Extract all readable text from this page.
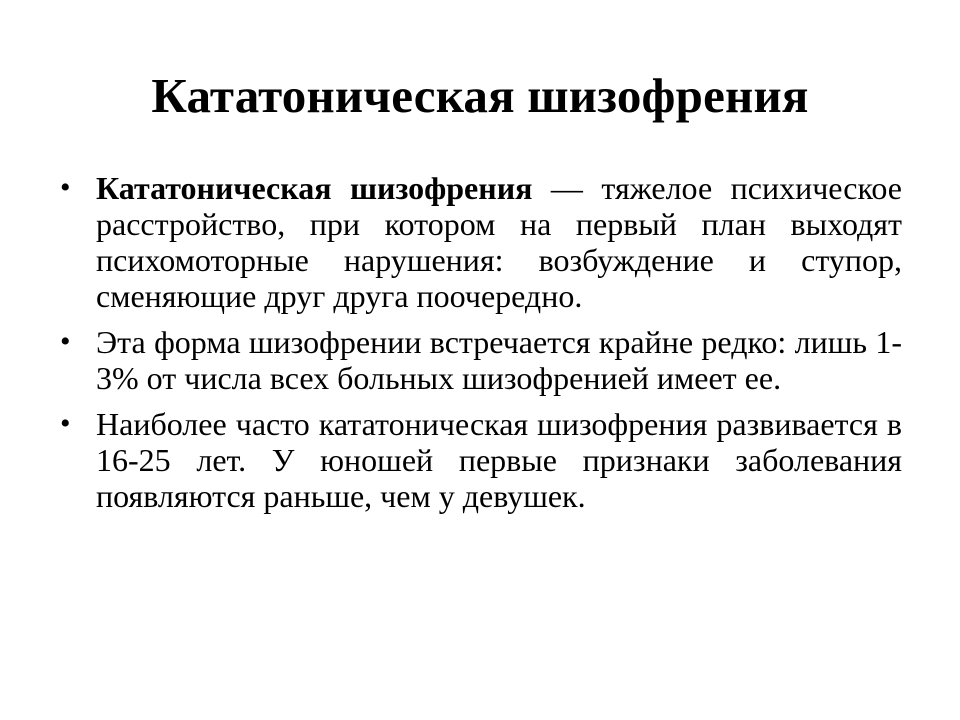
Кататоническая шизофрения
• Кататоническая шизофрения — тяжелое психическое расстройство, при котором на первый план выходят психомоторные нарушения: возбуждение и ступор, сменяющие друг друга поочередно.
• Эта форма шизофрении встречается крайне редко: лишь 1-3% от числа всех больных шизофренией имеет ее.
• Наиболее часто кататоническая шизофрения развивается в 16-25 лет. У юношей первые признаки заболевания появляются раньше, чем у девушек.
